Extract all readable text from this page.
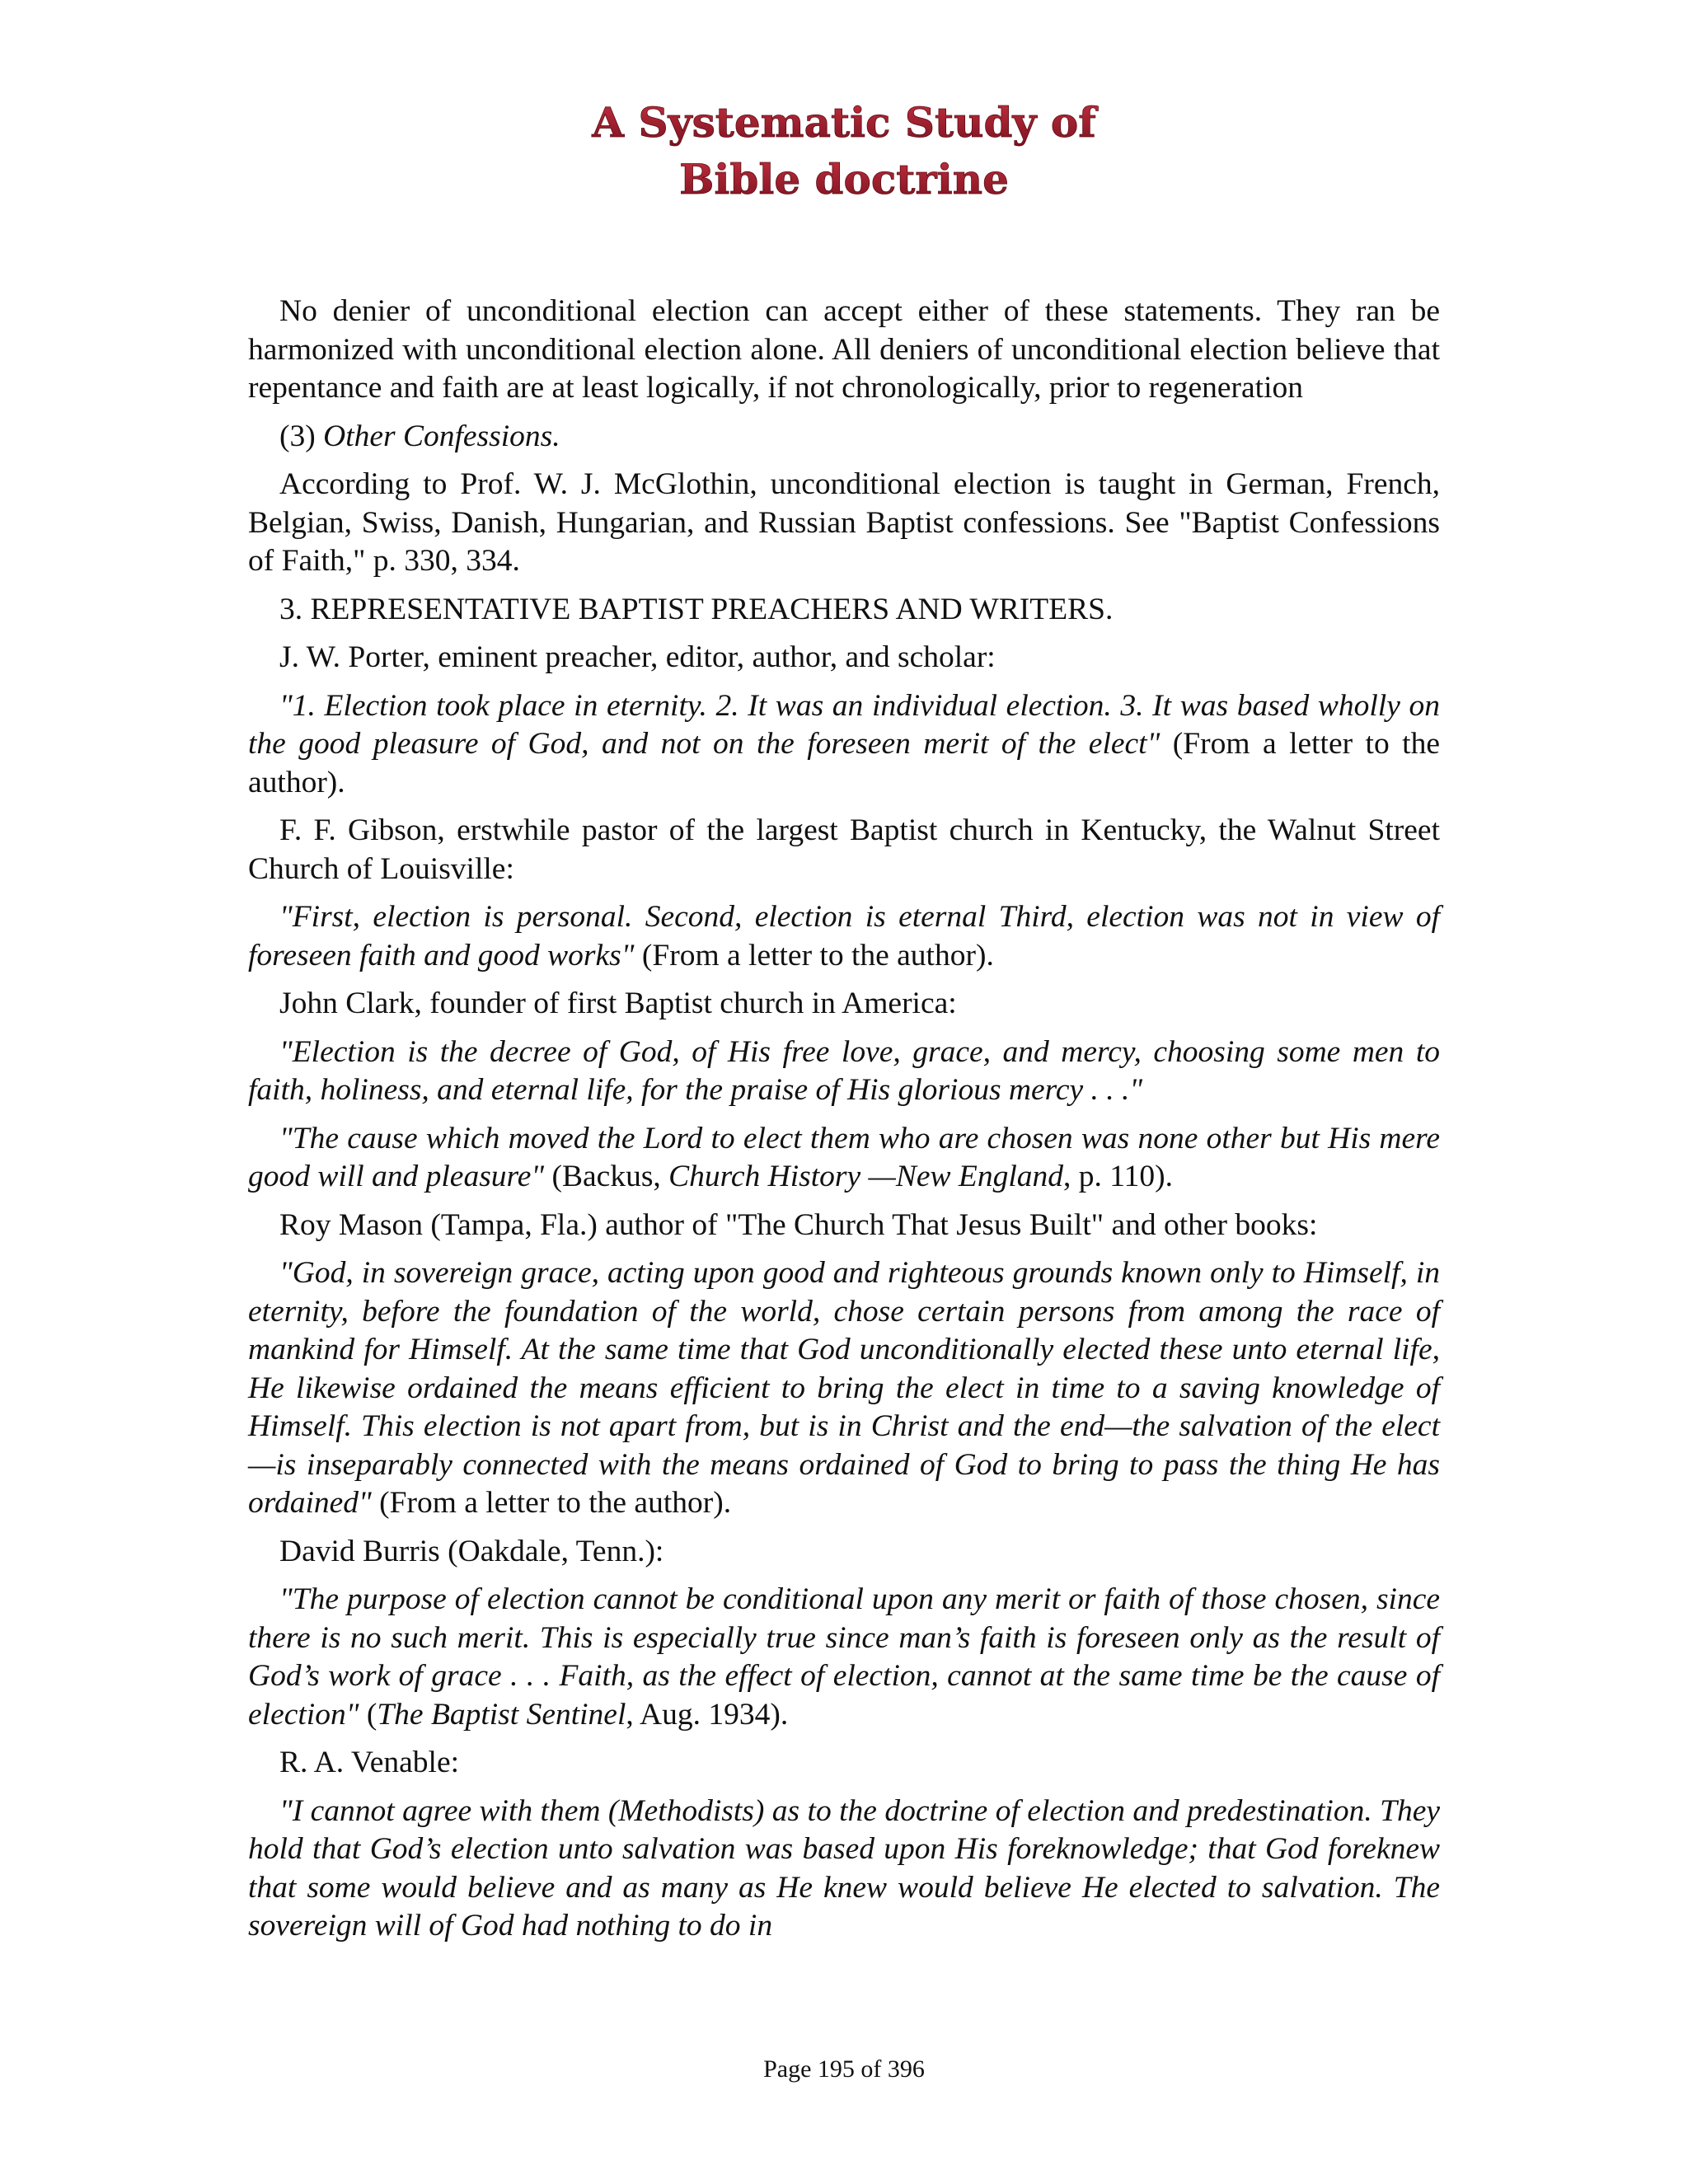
A Systematic Study of
Bible doctrine

No denier of unconditional election can accept either of these statements. They ran be harmonized with unconditional election alone. All deniers of unconditional election believe that repentance and faith are at least logically, if not chronologically, prior to regeneration

(3) Other Confessions.

According to Prof. W. J. McGlothin, unconditional election is taught in German, French, Belgian, Swiss, Danish, Hungarian, and Russian Baptist confessions. See "Baptist Confessions of Faith," p. 330, 334.

3. REPRESENTATIVE BAPTIST PREACHERS AND WRITERS.

J. W. Porter, eminent preacher, editor, author, and scholar:

"1. Election took place in eternity. 2. It was an individual election. 3. It was based wholly on the good pleasure of God, and not on the foreseen merit of the elect" (From a letter to the author).

F. F. Gibson, erstwhile pastor of the largest Baptist church in Kentucky, the Walnut Street Church of Louisville:

"First, election is personal. Second, election is eternal Third, election was not in view of foreseen faith and good works" (From a letter to the author).

John Clark, founder of first Baptist church in America:

"Election is the decree of God, of His free love, grace, and mercy, choosing some men to faith, holiness, and eternal life, for the praise of His glorious mercy . . ."

"The cause which moved the Lord to elect them who are chosen was none other but His mere good will and pleasure" (Backus, Church History —New England, p. 110).

Roy Mason (Tampa, Fla.) author of "The Church That Jesus Built" and other books:

"God, in sovereign grace, acting upon good and righteous grounds known only to Himself, in eternity, before the foundation of the world, chose certain persons from among the race of mankind for Himself. At the same time that God unconditionally elected these unto eternal life, He likewise ordained the means efficient to bring the elect in time to a saving knowledge of Himself. This election is not apart from, but is in Christ and the end—the salvation of the elect—is inseparably connected with the means ordained of God to bring to pass the thing He has ordained" (From a letter to the author).

David Burris (Oakdale, Tenn.):

"The purpose of election cannot be conditional upon any merit or faith of those chosen, since there is no such merit. This is especially true since man’s faith is foreseen only as the result of God’s work of grace . . . Faith, as the effect of election, cannot at the same time be the cause of election" (The Baptist Sentinel, Aug. 1934).

R. A. Venable:

"I cannot agree with them (Methodists) as to the doctrine of election and predestination. They hold that God’s election unto salvation was based upon His foreknowledge; that God foreknew that some would believe and as many as He knew would believe He elected to salvation. The sovereign will of God had nothing to do in

Page 195 of 396
